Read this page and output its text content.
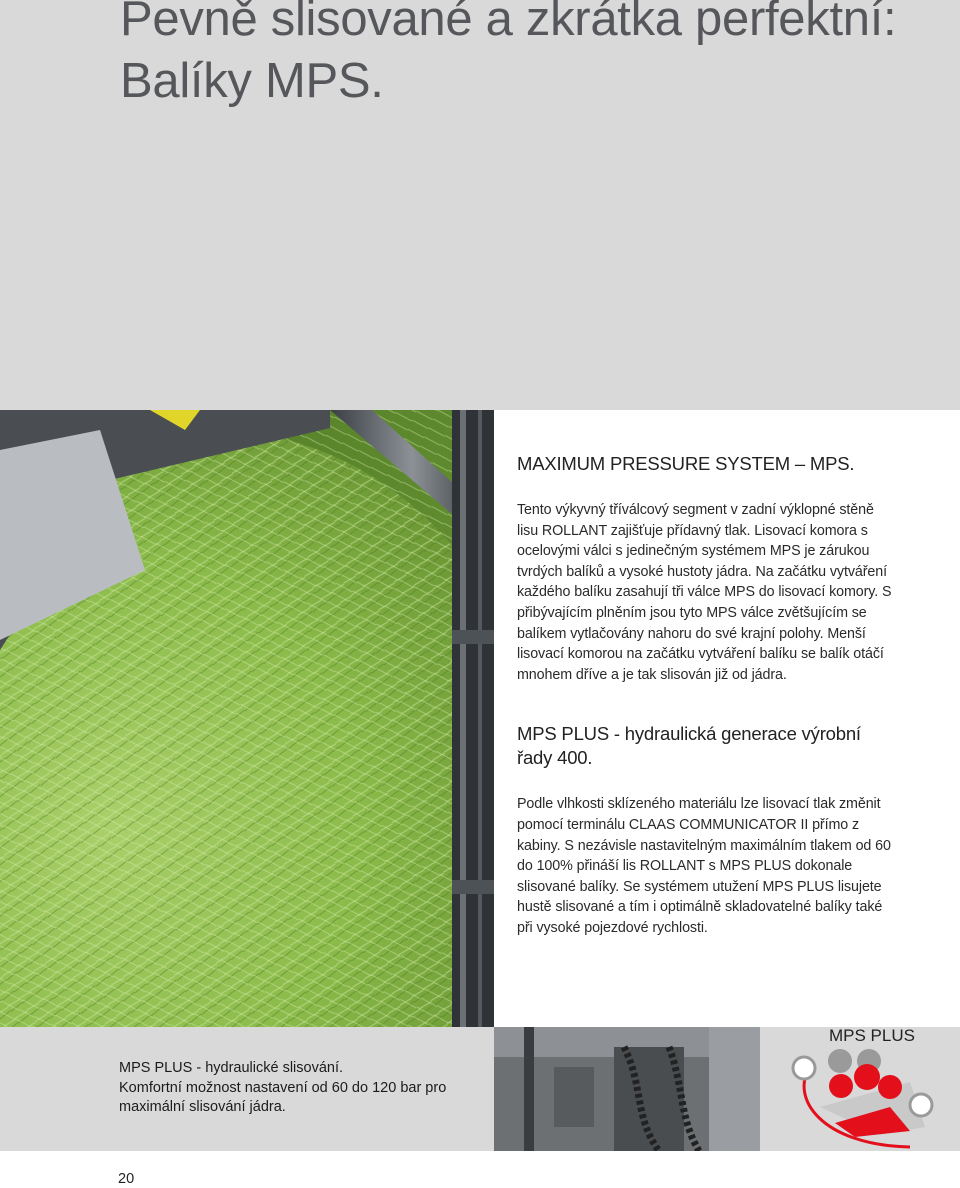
Pevně slisované a zkrátka perfektní:
Balíky MPS.
MAXIMUM PRESSURE SYSTEM – MPS.

Tento výkyvný tříválcový segment v zadní výklopné stěně lisu ROLLANT zajišťuje přídavný tlak. Lisovací komora s ocelovými válci s jedinečným systémem MPS je zárukou tvrdých balíků a vysoké hustoty jádra. Na začátku vytváření každého balíku zasahují tři válce MPS do lisovací komory. S přibývajícím plněním jsou tyto MPS válce zvětšujícím se balíkem vytlačovány nahoru do své krajní polohy. Menší lisovací komorou na začátku vytváření balíku se balík otáčí mnohem dříve a je tak slisován již od jádra.

MPS PLUS - hydraulická generace výrobní řady 400.

Podle vlhkosti sklízeného materiálu lze lisovací tlak změnit pomocí terminálu CLAAS COMMUNICATOR II přímo z kabiny. S nezávisle nastavitelným maximálním tlakem od 60 do 100% přináší lis ROLLANT s MPS PLUS dokonale slisované balíky. Se systémem utužení MPS PLUS lisujete hustě slisované a tím i optimálně skladovatelné balíky také při vysoké pojezdové rychlosti.

MPS PLUS - hydraulické slisování.
Komfortní možnost nastavení od 60 do 120 bar pro
maximální slisování jádra.

MPS PLUS
20
